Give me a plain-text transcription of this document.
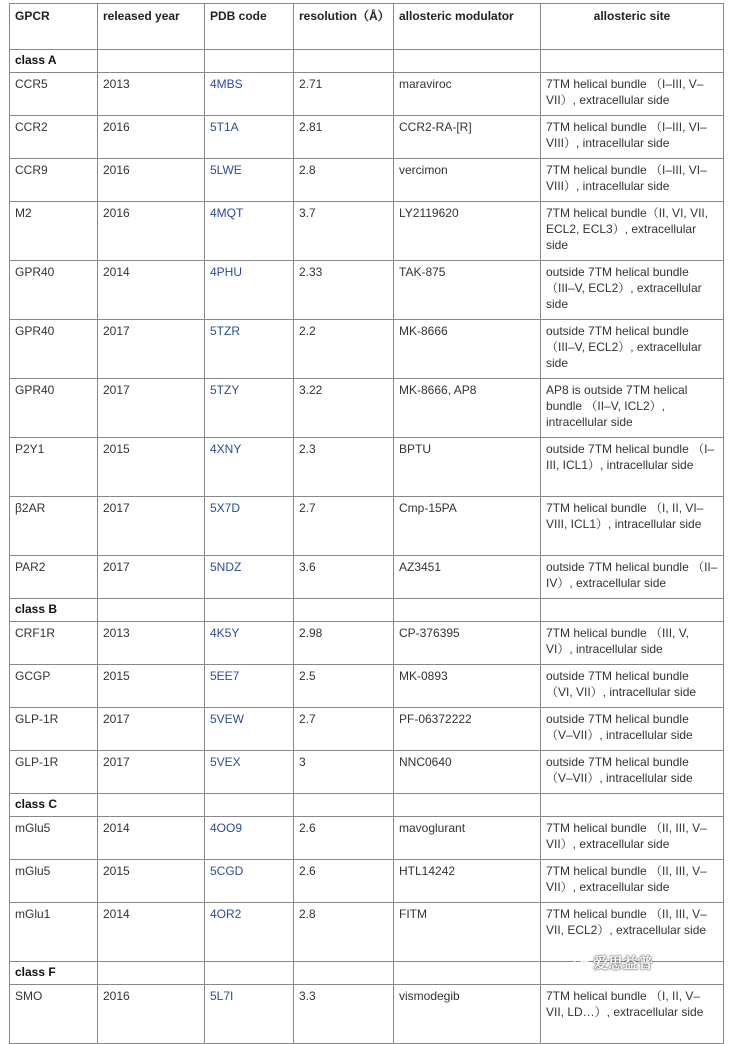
GPCR	released year	PDB code	resolution（Å）	allosteric modulator	allosteric site
class A					
CCR5	2013	4MBS	2.71	maraviroc	7TM helical bundle （I–III, V–VII）, extracellular side
CCR2	2016	5T1A	2.81	CCR2-RA-[R]	7TM helical bundle （I–III, VI–VIII）, intracellular side
CCR9	2016	5LWE	2.8	vercimon	7TM helical bundle （I–III, VI–VIII）, intracellular side
M2	2016	4MQT	3.7	LY2119620	7TM helical bundle（II, VI, VII, ECL2, ECL3）, extracellular side
GPR40	2014	4PHU	2.33	TAK-875	outside 7TM helical bundle （III–V, ECL2）, extracellular side
GPR40	2017	5TZR	2.2	MK-8666	outside 7TM helical bundle （III–V, ECL2）, extracellular side
GPR40	2017	5TZY	3.22	MK-8666, AP8	AP8 is outside 7TM helical bundle （II–V, ICL2）, intracellular side
P2Y1	2015	4XNY	2.3	BPTU	outside 7TM helical bundle （I–III, ICL1）, intracellular side
β2AR	2017	5X7D	2.7	Cmp-15PA	7TM helical bundle （I, II, VI–VIII, ICL1）, intracellular side
PAR2	2017	5NDZ	3.6	AZ3451	outside 7TM helical bundle （II–IV）, extracellular side
class B					
CRF1R	2013	4K5Y	2.98	CP-376395	7TM helical bundle （III, V, VI）, intracellular side
GCGP	2015	5EE7	2.5	MK-0893	outside 7TM helical bundle （VI, VII）, intracellular side
GLP-1R	2017	5VEW	2.7	PF-06372222	outside 7TM helical bundle （V–VII）, intracellular side
GLP-1R	2017	5VEX	3	NNC0640	outside 7TM helical bundle （V–VII）, intracellular side
class C					
mGlu5	2014	4OO9	2.6	mavoglurant	7TM helical bundle （II, III, V–VII）, extracellular side
mGlu5	2015	5CGD	2.6	HTL14242	7TM helical bundle （II, III, V–VII）, extracellular side
mGlu1	2014	4OR2	2.8	FITM	7TM helical bundle （II, III, V–VII, ECL2）, extracellular side
class F					
SMO	2016	5L7I	3.3	vismodegib	7TM helical bundle （I, II, V–VII, LD…）, extracellular side
爱思益普
